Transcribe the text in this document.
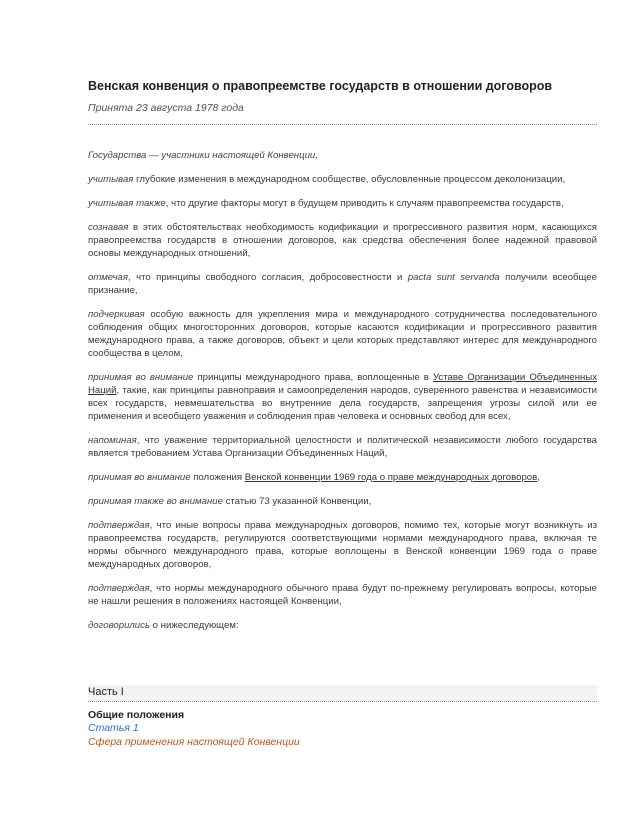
Венская конвенция о правопреемстве государств в отношении договоров
Принята 23 августа 1978 года

Государства — участники настоящей Конвенции,

учитывая глубокие изменения в международном сообществе, обусловленные процессом деколонизации,

учитывая также, что другие факторы могут в будущем приводить к случаям правопреемства государств,

сознавая в этих обстоятельствах необходимость кодификации и прогрессивного развития норм, касающихся правопреемства государств в отношении договоров, как средства обеспечения более надежной правовой основы международных отношений,

отмечая, что принципы свободного согласия, добросовестности и pacta sunt servanda получили всеобщее признание,

подчеркивая особую важность для укрепления мира и международного сотрудничества последовательного соблюдения общих многосторонних договоров, которые касаются кодификации и прогрессивного развития международного права, а также договоров, объект и цели которых представляют интерес для международного сообщества в целом,

принимая во внимание принципы международного права, воплощенные в Уставе Организации Объединенных Наций, такие, как принципы равноправия и самоопределения народов, суверенного равенства и независимости всех государств, невмешательства во внутренние дела государств, запрещения угрозы силой или ее применения и всеобщего уважения и соблюдения прав человека и основных свобод для всех,

напоминая, что уважение территориальной целостности и политической независимости любого государства является требованием Устава Организации Объединенных Наций,

принимая во внимание положения Венской конвенции 1969 года о праве международных договоров,

принимая также во внимание статью 73 указанной Конвенции,

подтверждая, что иные вопросы права международных договоров, помимо тех, которые могут возникнуть из правопреемства государств, регулируются соответствующими нормами международного права, включая те нормы обычного международного права, которые воплощены в Венской конвенции 1969 года о праве международных договоров,

подтверждая, что нормы международного обычного права будут по-прежнему регулировать вопросы, которые не нашли решения в положениях настоящей Конвенции,

договорились о нижеследующем:

Часть I
Общие положения
Статья 1
Сфера применения настоящей Конвенции
